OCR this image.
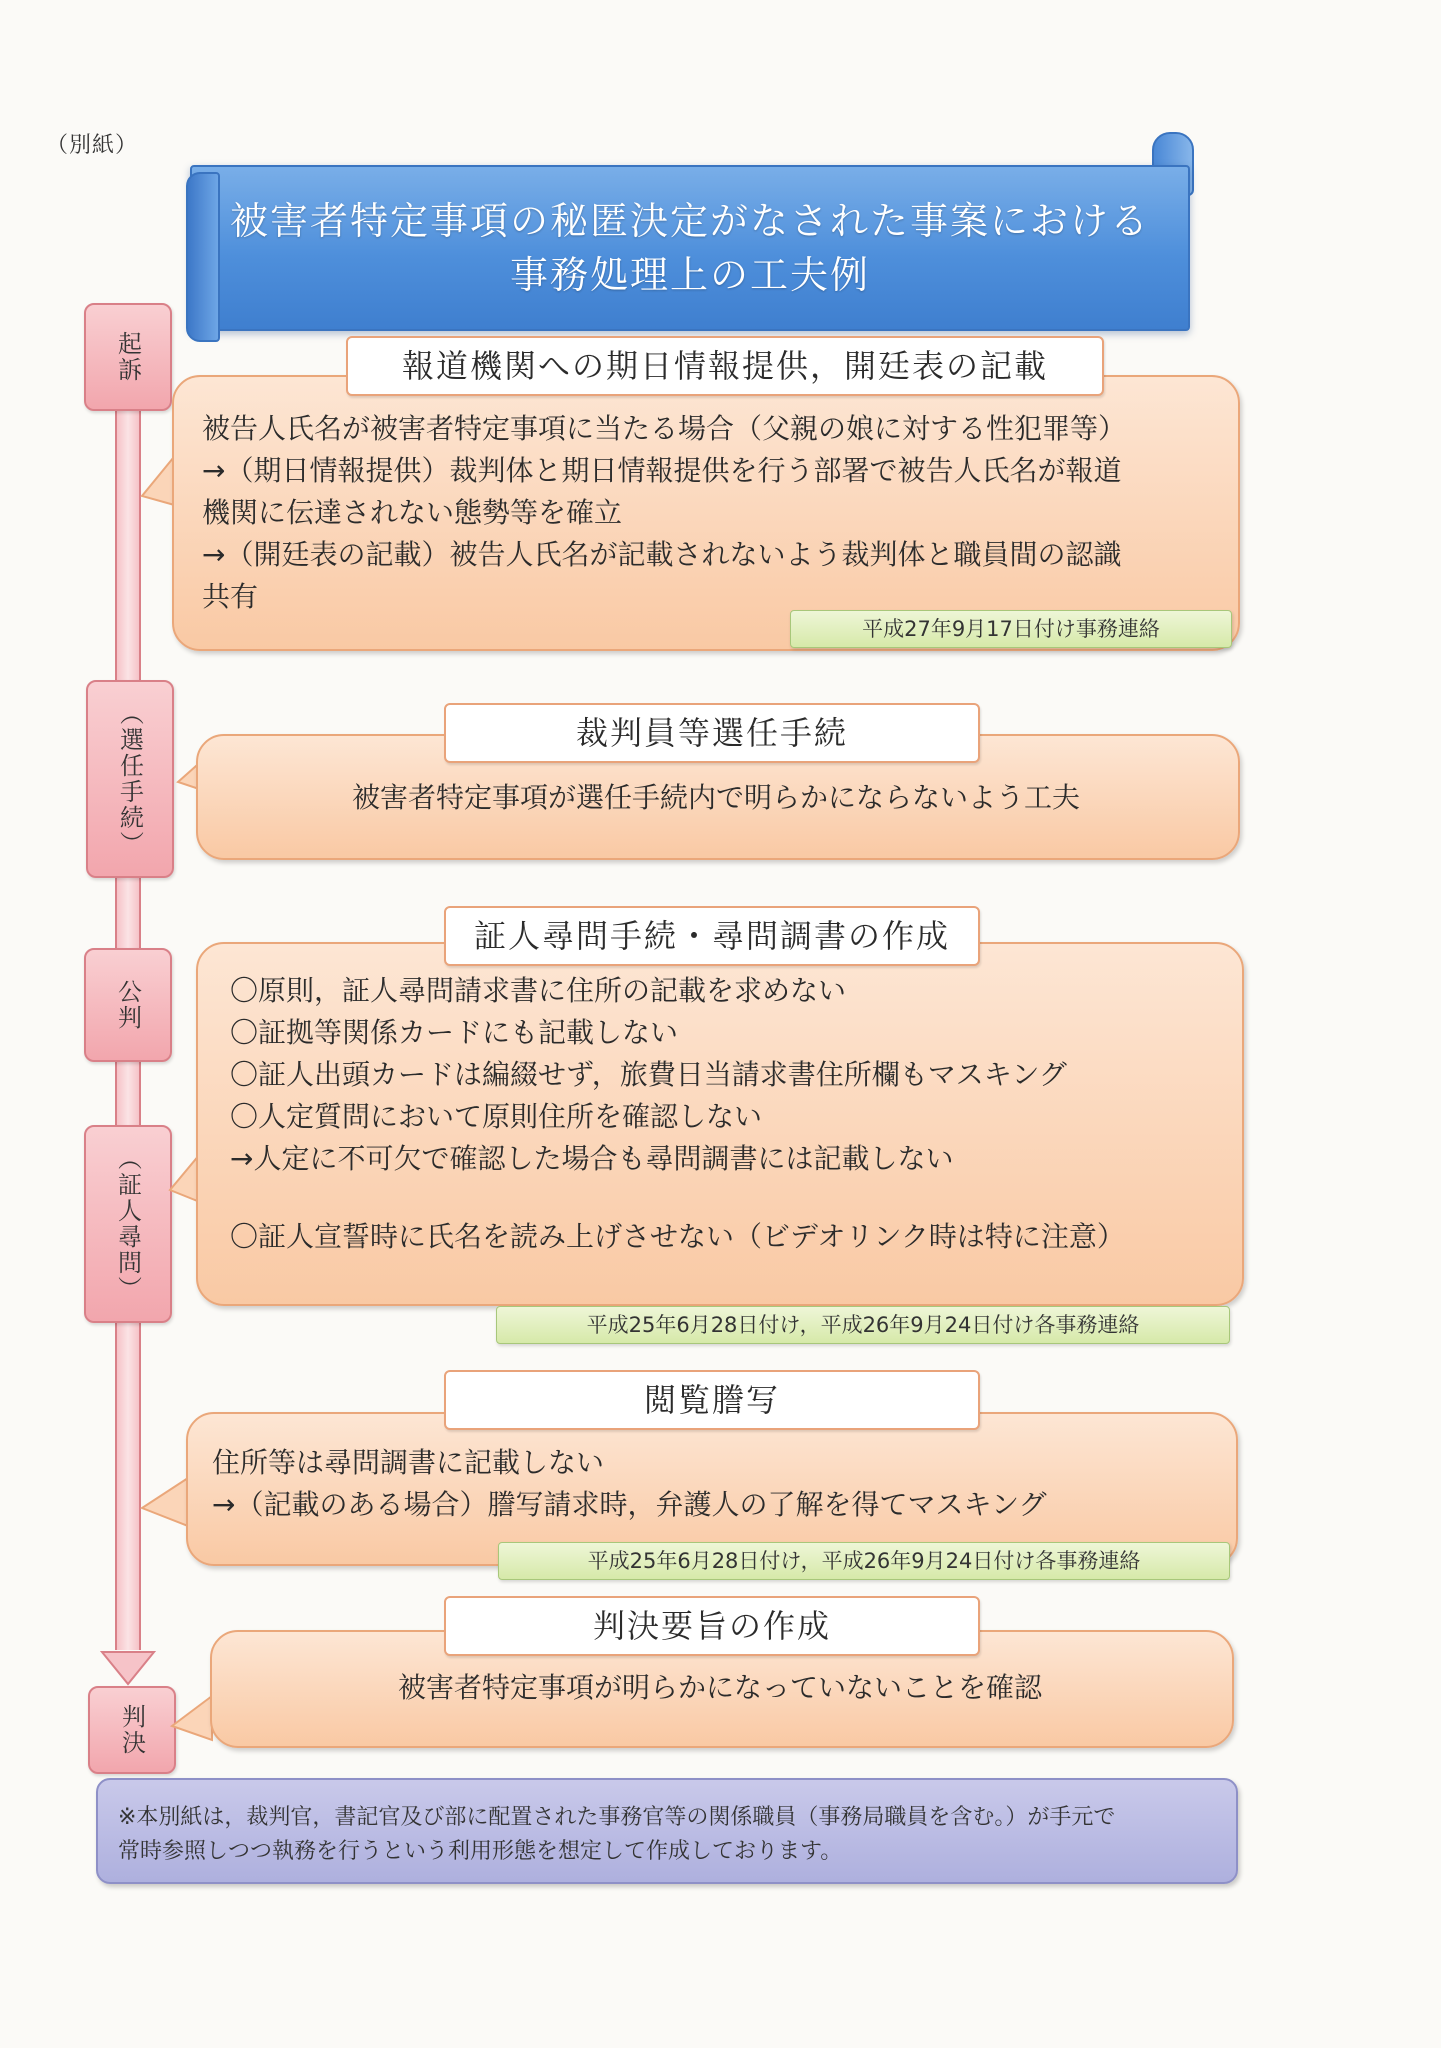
（別紙）
被害者特定事項の秘匿決定がなされた事案における
事務処理上の工夫例
起訴
（選任手続）
公判
（証人尋問）
判決
報道機関への期日情報提供，開廷表の記載
被告人氏名が被害者特定事項に当たる場合（父親の娘に対する性犯罪等）
→（期日情報提供）裁判体と期日情報提供を行う部署で被告人氏名が報道
機関に伝達されない態勢等を確立
→（開廷表の記載）被告人氏名が記載されないよう裁判体と職員間の認識
共有
平成27年9月17日付け事務連絡
裁判員等選任手続
被害者特定事項が選任手続内で明らかにならないよう工夫
証人尋問手続・尋問調書の作成
〇原則，証人尋問請求書に住所の記載を求めない
〇証拠等関係カードにも記載しない
〇証人出頭カードは編綴せず，旅費日当請求書住所欄もマスキング
〇人定質問において原則住所を確認しない
→人定に不可欠で確認した場合も尋問調書には記載しない
〇証人宣誓時に氏名を読み上げさせない（ビデオリンク時は特に注意）
平成25年6月28日付け，平成26年9月24日付け各事務連絡
閲覧謄写
住所等は尋問調書に記載しない
→（記載のある場合）謄写請求時，弁護人の了解を得てマスキング
平成25年6月28日付け，平成26年9月24日付け各事務連絡
判決要旨の作成
被害者特定事項が明らかになっていないことを確認
※本別紙は，裁判官，書記官及び部に配置された事務官等の関係職員（事務局職員を含む。）が手元で
常時参照しつつ執務を行うという利用形態を想定して作成しております。
